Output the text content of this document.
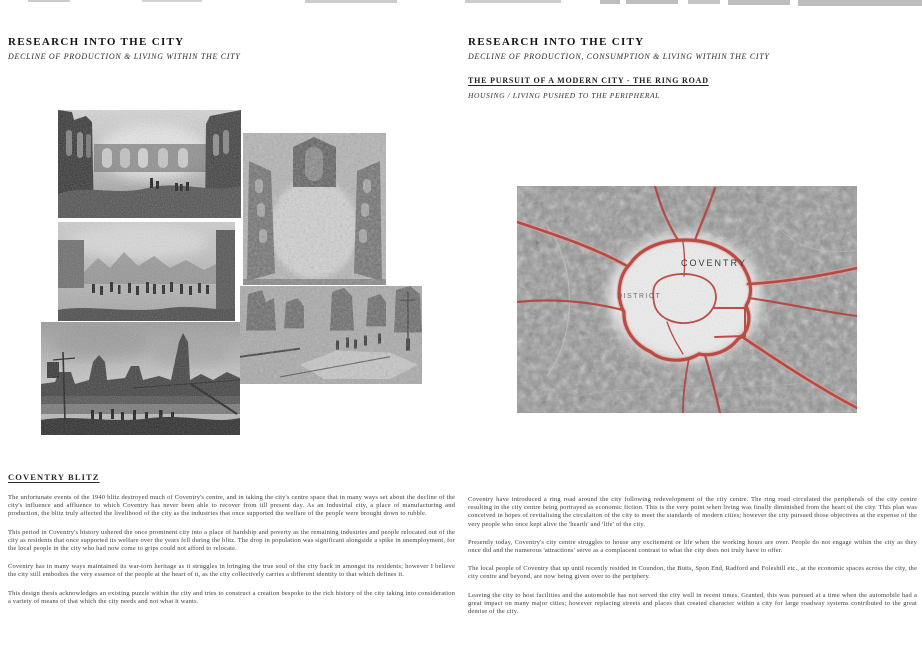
RESEARCH INTO THE CITY
DECLINE OF PRODUCTION & LIVING WITHIN THE CITY
RESEARCH INTO THE CITY
DECLINE OF PRODUCTION, CONSUMPTION & LIVING WITHIN THE CITY
THE PURSUIT OF A MODERN CITY - THE RING ROAD
HOUSING / LIVING PUSHED TO THE PERIPHERAL
COVENTRY
DISTRICT
COVENTRY BLITZ

The unfortunate events of the 1940 blitz destroyed much of Coventry's centre, and in taking the city's centre space that in many ways set about the decline of the city's influence and affluence to which Coventry has never been able to recover from till present day. As an industrial city, a place of manufacturing and production, the blitz truly affected the livelihood of the city as the industries that once supported the welfare of the people were brought down to rubble.

This period in Coventry's history ushered the once prominent city into a place of hardship and poverty as the remaining industries and people relocated out of the city as residents that once supported its welfare over the years fell during the blitz. The drop in population was significant alongside a spike in unemployment, for the local people in the city who had now come to grips could not afford to relocate.

Coventry has in many ways maintained its war-torn heritage as it struggles in bringing the true soul of the city back in amongst its residents; however I believe the city still embodies the very essence of the people at the heart of it, as the city collectively carries a different identity to that which defines it.

This design thesis acknowledges an existing puzzle within the city and tries to construct a creation bespoke to the rich history of the city taking into consideration a variety of means of that which the city needs and not what it wants.

Coventry have introduced a ring road around the city following redevelopment of the city centre. The ring road circulated the peripherals of the city centre resulting in the city centre being portrayed as economic fiction. This is the very point when living was finally diminished from the heart of the city. This plan was conceived in hopes of revitalising the circulation of the city to meet the standards of modern cities; however the city pursued those objectives at the expense of the very people who once kept alive the 'hearth' and 'life' of the city.

Presently today, Coventry's city centre struggles to house any excitement or life when the working hours are over. People do not engage within the city as they once did and the numerous 'attractions' serve as a complacent contrast to what the city does not truly have to offer.

The local people of Coventry that up until recently resided in Coundon, the Butts, Spon End, Radford and Foleshill etc., at the economic spaces across the city, the city centre and beyond, are now being given over to the periphery.

Leaving the city to host facilities and the automobile has not served the city well in recent times. Granted, this was pursued at a time when the automobile had a great impact on many major cities; however replacing streets and places that created character within a city for large roadway systems contributed to the great demise of the city.
